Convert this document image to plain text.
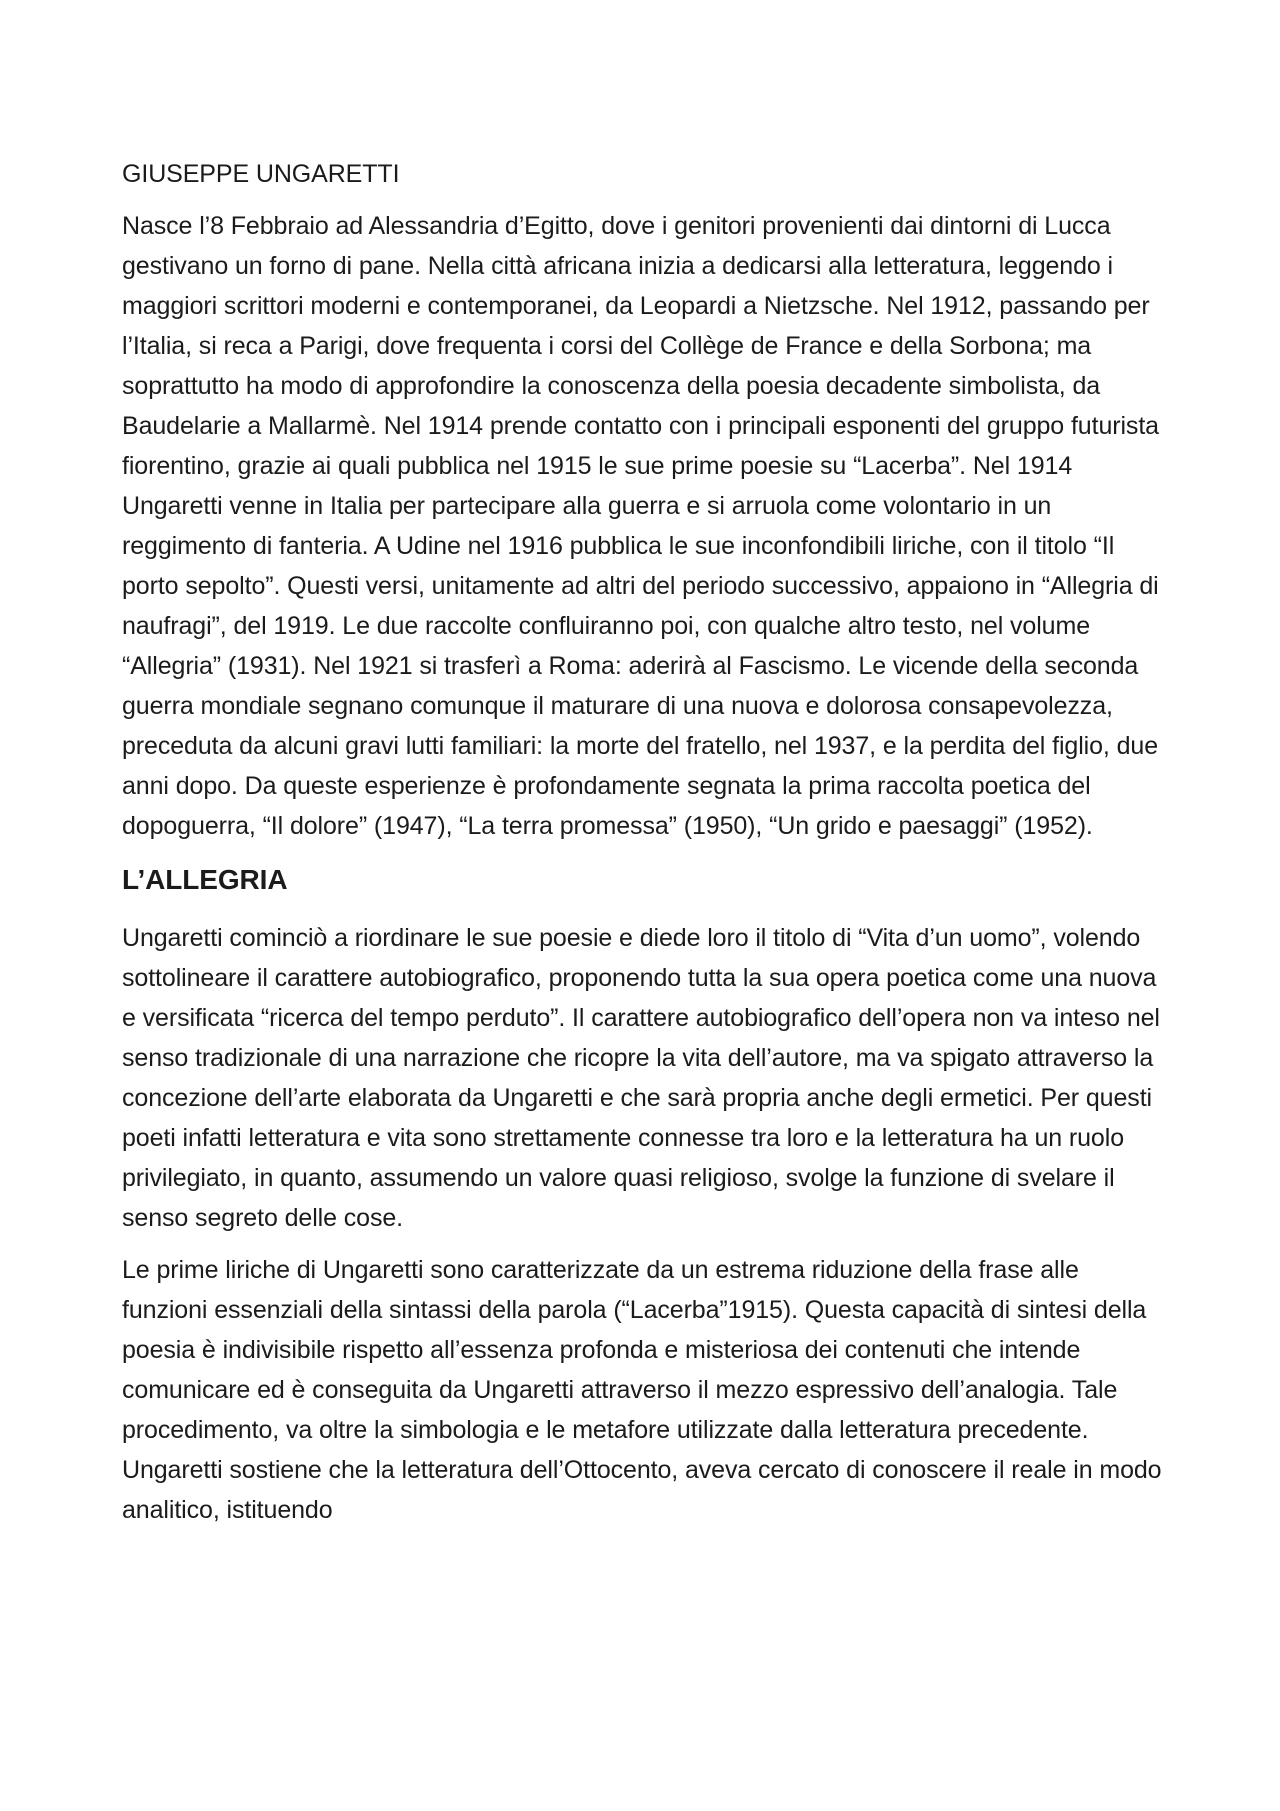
GIUSEPPE UNGARETTI

Nasce l’8 Febbraio ad Alessandria d’Egitto, dove i genitori provenienti dai dintorni di Lucca gestivano un forno di pane. Nella città africana inizia a dedicarsi alla letteratura, leggendo i maggiori scrittori moderni e contemporanei, da Leopardi a Nietzsche. Nel 1912, passando per l’Italia, si reca a Parigi, dove frequenta i corsi del Collège de France e della Sorbona; ma soprattutto ha modo di approfondire la conoscenza della poesia decadente simbolista, da Baudelarie a Mallarmè. Nel 1914 prende contatto con i principali esponenti del gruppo futurista fiorentino, grazie ai quali pubblica nel 1915 le sue prime poesie su “Lacerba”. Nel 1914 Ungaretti venne in Italia per partecipare alla guerra e si arruola come volontario in un reggimento di fanteria. A Udine nel 1916 pubblica le sue inconfondibili liriche, con il titolo “Il porto sepolto”. Questi versi, unitamente ad altri del periodo successivo, appaiono in “Allegria di naufragi”, del 1919. Le due raccolte confluiranno poi, con qualche altro testo, nel volume “Allegria” (1931). Nel 1921 si trasferì a Roma: aderirà al Fascismo. Le vicende della seconda guerra mondiale segnano comunque il maturare di una nuova e dolorosa consapevolezza, preceduta da alcuni gravi lutti familiari: la morte del fratello, nel 1937, e la perdita del figlio, due anni dopo. Da queste esperienze è profondamente segnata la prima raccolta poetica del dopoguerra, “Il dolore” (1947), “La terra promessa” (1950), “Un grido e paesaggi” (1952).

L’ALLEGRIA

Ungaretti cominciò a riordinare le sue poesie e diede loro il titolo di “Vita d’un uomo”, volendo sottolineare il carattere autobiografico, proponendo tutta la sua opera poetica come una nuova e versificata “ricerca del tempo perduto”. Il carattere autobiografico dell’opera non va inteso nel senso tradizionale di una narrazione che ricopre la vita dell’autore, ma va spigato attraverso la concezione dell’arte elaborata da Ungaretti e che sarà propria anche degli ermetici. Per questi poeti infatti letteratura e vita sono strettamente connesse tra loro e la letteratura ha un ruolo privilegiato, in quanto, assumendo un valore quasi religioso, svolge la funzione di svelare il senso segreto delle cose.

Le prime liriche di Ungaretti sono caratterizzate da un estrema riduzione della frase alle funzioni essenziali della sintassi della parola (“Lacerba”1915). Questa capacità di sintesi della poesia è indivisibile rispetto all’essenza profonda e misteriosa dei contenuti che intende comunicare ed è conseguita da Ungaretti attraverso il mezzo espressivo dell’analogia. Tale procedimento, va oltre la simbologia e le metafore utilizzate dalla letteratura precedente. Ungaretti sostiene che la letteratura dell’Ottocento, aveva cercato di conoscere il reale in modo analitico, istituendo
